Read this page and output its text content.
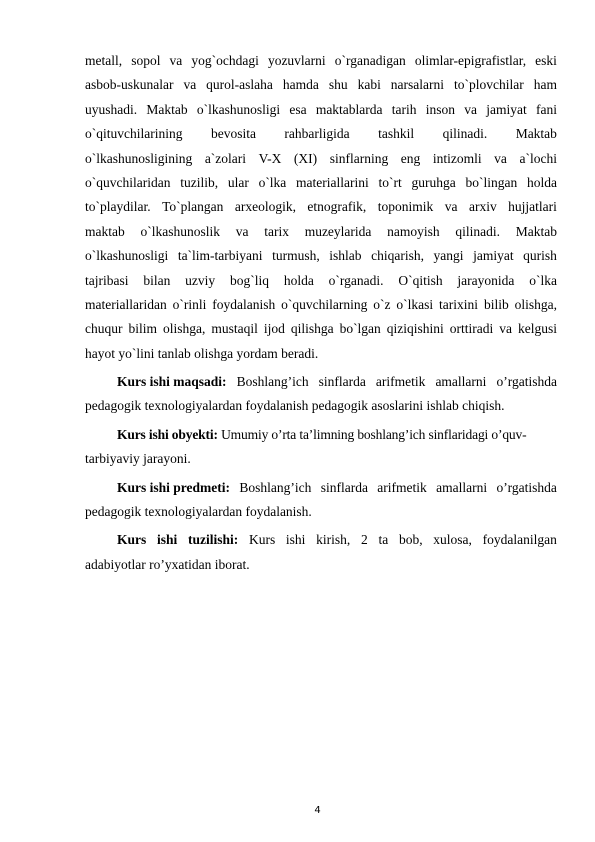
metall, sopol va yog`ochdagi yozuvlarni o`rganadigan olimlar-epigrafistlar, eski
asbob-uskunalar va qurol-aslaha hamda shu kabi narsalarni to`plovchilar ham
uyushadi. Maktab o`lkashunosligi esa maktablarda tarih inson va jamiyat fani
o`qituvchilarining bevosita rahbarligida tashkil qilinadi. Maktab
o`lkashunosligining a`zolari V-X (XI) sinflarning eng intizomli va a`lochi
o`quvchilaridan tuzilib, ular o`lka materiallarini to`rt guruhga bo`lingan holda
to`playdilar. To`plangan arxeologik, etnografik, toponimik va arxiv hujjatlari
maktab o`lkashunoslik va tarix muzeylarida namoyish qilinadi. Maktab
o`lkashunosligi ta`lim-tarbiyani turmush, ishlab chiqarish, yangi jamiyat qurish
tajribasi bilan uzviy bog`liq holda o`rganadi. O`qitish jarayonida o`lka
materiallaridan o`rinli foydalanish o`quvchilarning o`z o`lkasi tarixini bilib olishga,
chuqur bilim olishga, mustaqil ijod qilishga bo`lgan qiziqishini orttiradi va kelgusi
hayot yo`lini tanlab olishga yordam beradi.
Kurs ishi maqsadi: Boshlang’ich sinflarda arifmetik amallarni o’rgatishda
pedagogik texnologiyalardan foydalanish pedagogik asoslarini ishlab chiqish.
Kurs ishi obyekti:
Umumiy o’rta ta’limning boshlang’ich sinflaridagi o’quv-
tarbiyaviy jarayoni.
Kurs ishi predmeti: Boshlang’ich sinflarda arifmetik amallarni o’rgatishda
pedagogik texnologiyalardan foydalanish.
Kurs ishi tuzilishi: Kurs ishi kirish, 2 ta bob, xulosa, foydalanilgan
adabiyotlar ro’yxatidan iborat.
4
